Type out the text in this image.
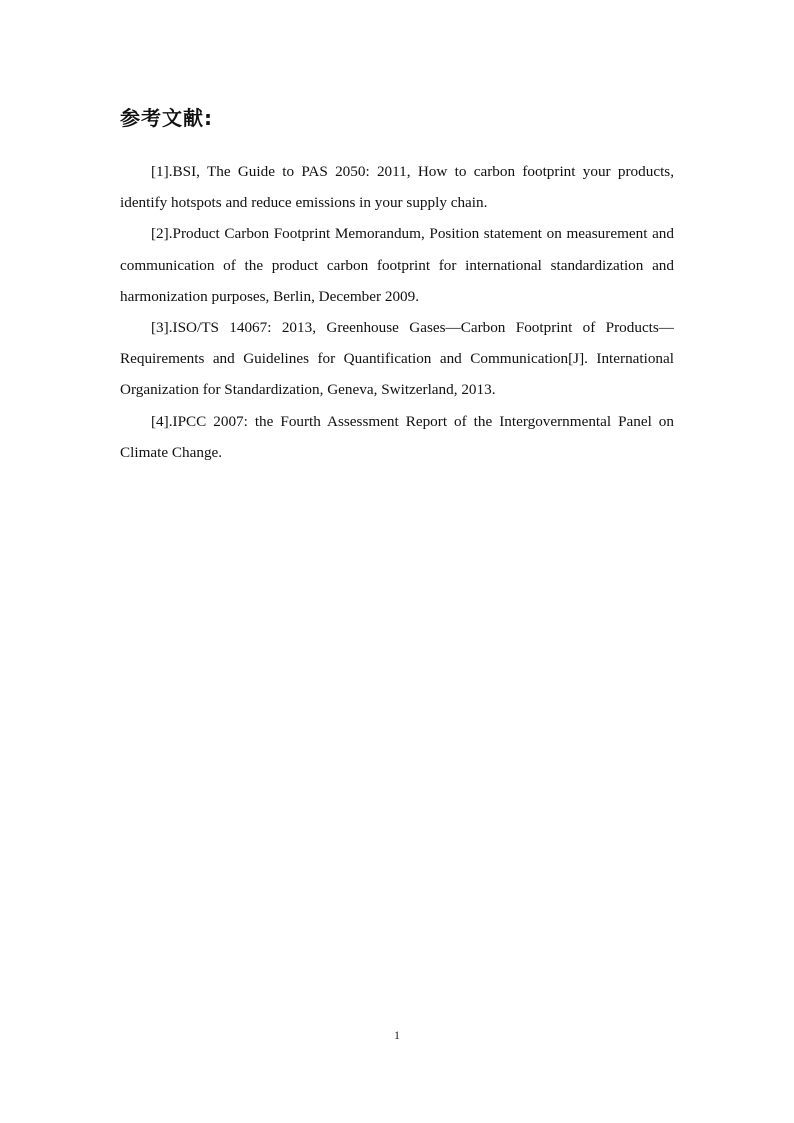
参考文献:

[1].BSI, The Guide to PAS 2050: 2011, How to carbon footprint your products, identify hotspots and reduce emissions in your supply chain.

[2].Product Carbon Footprint Memorandum, Position statement on measurement and communication of the product carbon footprint for international standardization and harmonization purposes, Berlin, December 2009.

[3].ISO/TS 14067: 2013, Greenhouse Gases—Carbon Footprint of Products—Requirements and Guidelines for Quantification and Communication[J]. International Organization for Standardization, Geneva, Switzerland, 2013.

[4].IPCC 2007: the Fourth Assessment Report of the Intergovernmental Panel on Climate Change.

1
